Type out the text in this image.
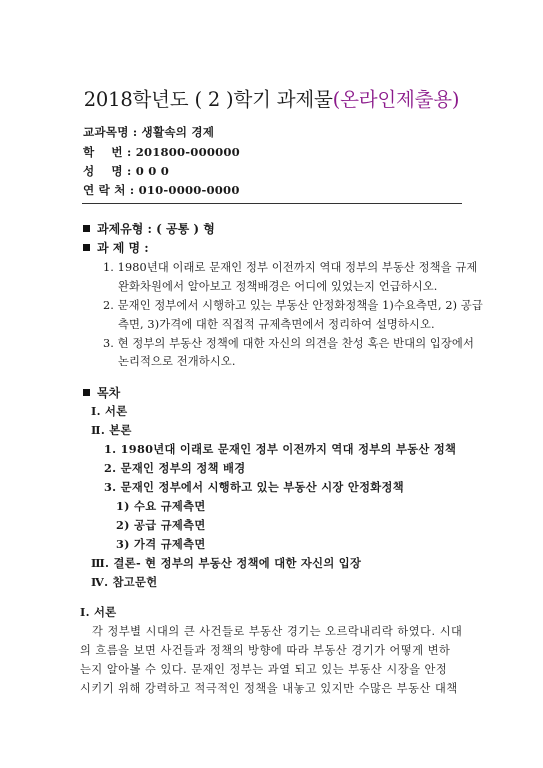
2018학년도 ( 2 )학기 과제물(온라인제출용)
교과목명 : 생활속의 경제
학    번 : 201800-000000
성    명 : 0 0 0
연 락 처 : 010-0000-0000
과제유형 : ( 공통 ) 형
과 제 명 :
1. 1980년대 이래로 문재인 정부 이전까지 역대 정부의 부동산 정책을 규제
완화차원에서 알아보고 정책배경은 어디에 있었는지 언급하시오.
2. 문재인 정부에서 시행하고 있는 부동산 안정화정책을 1)수요측면, 2) 공급
측면, 3)가격에 대한 직접적 규제측면에서 정리하여 설명하시오.
3. 현 정부의 부동산 정책에 대한 자신의 의견을 찬성 혹은 반대의 입장에서
논리적으로 전개하시오.
목차
Ⅰ. 서론
Ⅱ. 본론
1. 1980년대 이래로 문재인 정부 이전까지 역대 정부의 부동산 정책
2. 문재인 정부의 정책 배경
3. 문재인 정부에서 시행하고 있는 부동산 시장 안정화정책
1) 수요 규제측면
2) 공급 규제측면
3) 가격 규제측면
Ⅲ. 결론- 현 정부의 부동산 정책에 대한 자신의 입장
Ⅳ. 참고문헌
Ⅰ. 서론
각 정부별 시대의 큰 사건들로 부동산 경기는 오르락내리락 하였다. 시대
의 흐름을 보면 사건들과 정책의 방향에 따라 부동산 경기가 어떻게 변하
는지 알아볼 수 있다. 문재인 정부는 과열 되고 있는 부동산 시장을 안정
시키기 위해 강력하고 적극적인 정책을 내놓고 있지만 수많은 부동산 대책
